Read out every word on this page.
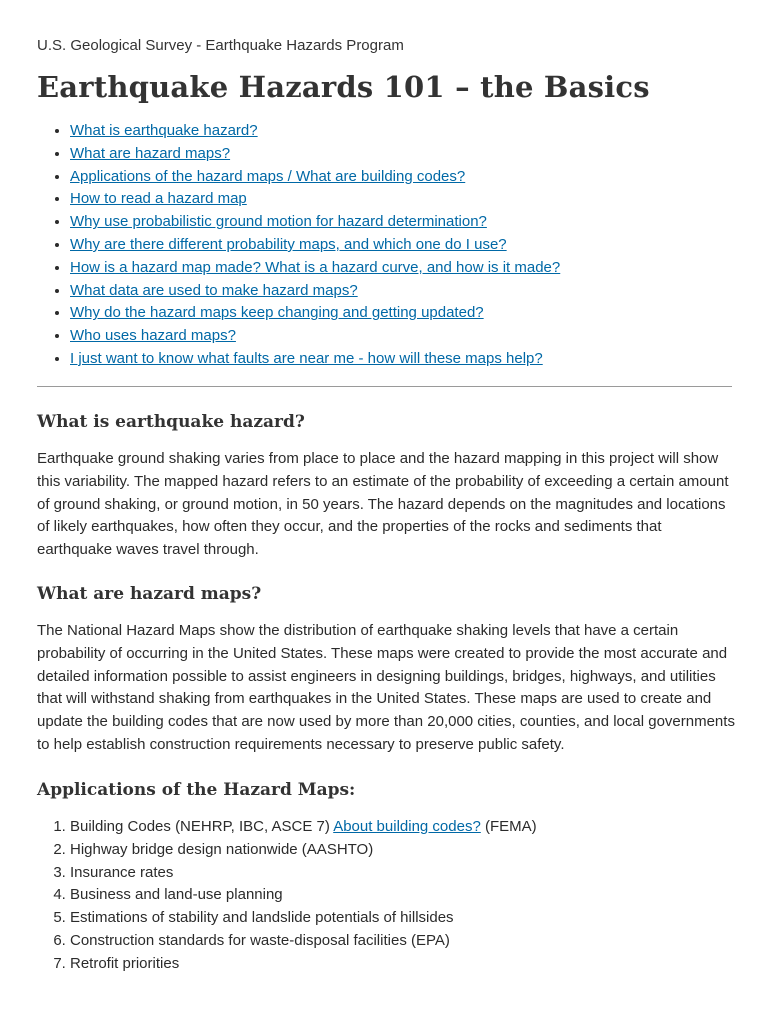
U.S. Geological Survey - Earthquake Hazards Program

Earthquake Hazards 101 – the Basics
• What is earthquake hazard?
• What are hazard maps?
• Applications of the hazard maps / What are building codes?
• How to read a hazard map
• Why use probabilistic ground motion for hazard determination?
• Why are there different probability maps, and which one do I use?
• How is a hazard map made? What is a hazard curve, and how is it made?
• What data are used to make hazard maps?
• Why do the hazard maps keep changing and getting updated?
• Who uses hazard maps?
• I just want to know what faults are near me - how will these maps help?
What is earthquake hazard?

Earthquake ground shaking varies from place to place and the hazard mapping in this project will show this variability. The mapped hazard refers to an estimate of the probability of exceeding a certain amount of ground shaking, or ground motion, in 50 years. The hazard depends on the magnitudes and locations of likely earthquakes, how often they occur, and the properties of the rocks and sediments that earthquake waves travel through.

What are hazard maps?

The National Hazard Maps show the distribution of earthquake shaking levels that have a certain probability of occurring in the United States. These maps were created to provide the most accurate and detailed information possible to assist engineers in designing buildings, bridges, highways, and utilities that will withstand shaking from earthquakes in the United States. These maps are used to create and update the building codes that are now used by more than 20,000 cities, counties, and local governments to help establish construction requirements necessary to preserve public safety.

Applications of the Hazard Maps:
1. Building Codes (NEHRP, IBC, ASCE 7) About building codes? (FEMA)
2. Highway bridge design nationwide (AASHTO)
3. Insurance rates
4. Business and land-use planning
5. Estimations of stability and landslide potentials of hillsides
6. Construction standards for waste-disposal facilities (EPA)
7. Retrofit priorities
